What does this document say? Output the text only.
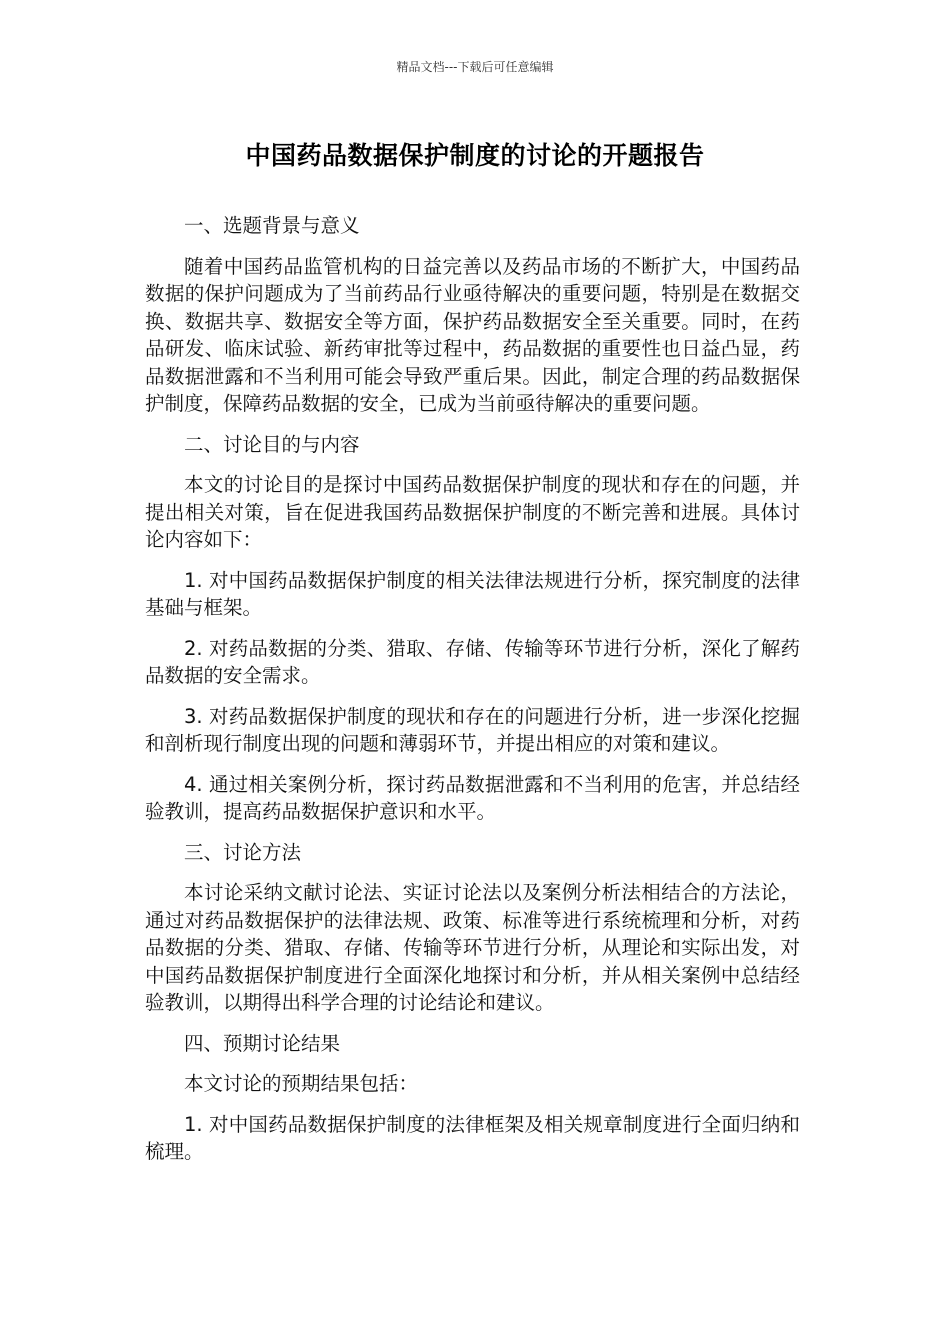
精品文档---下载后可任意编辑
中国药品数据保护制度的讨论的开题报告

一、选题背景与意义

随着中国药品监管机构的日益完善以及药品市场的不断扩大，中国药品数据的保护问题成为了当前药品行业亟待解决的重要问题，特别是在数据交换、数据共享、数据安全等方面，保护药品数据安全至关重要。同时，在药品研发、临床试验、新药审批等过程中，药品数据的重要性也日益凸显，药品数据泄露和不当利用可能会导致严重后果。因此，制定合理的药品数据保护制度，保障药品数据的安全，已成为当前亟待解决的重要问题。

二、讨论目的与内容

本文的讨论目的是探讨中国药品数据保护制度的现状和存在的问题，并提出相关对策，旨在促进我国药品数据保护制度的不断完善和进展。具体讨论内容如下：

1. 对中国药品数据保护制度的相关法律法规进行分析，探究制度的法律基础与框架。

2. 对药品数据的分类、猎取、存储、传输等环节进行分析，深化了解药品数据的安全需求。

3. 对药品数据保护制度的现状和存在的问题进行分析，进一步深化挖掘和剖析现行制度出现的问题和薄弱环节，并提出相应的对策和建议。

4. 通过相关案例分析，探讨药品数据泄露和不当利用的危害，并总结经验教训，提高药品数据保护意识和水平。

三、讨论方法

本讨论采纳文献讨论法、实证讨论法以及案例分析法相结合的方法论，通过对药品数据保护的法律法规、政策、标准等进行系统梳理和分析，对药品数据的分类、猎取、存储、传输等环节进行分析，从理论和实际出发，对中国药品数据保护制度进行全面深化地探讨和分析，并从相关案例中总结经验教训，以期得出科学合理的讨论结论和建议。

四、预期讨论结果

本文讨论的预期结果包括：

1. 对中国药品数据保护制度的法律框架及相关规章制度进行全面归纳和梳理。
